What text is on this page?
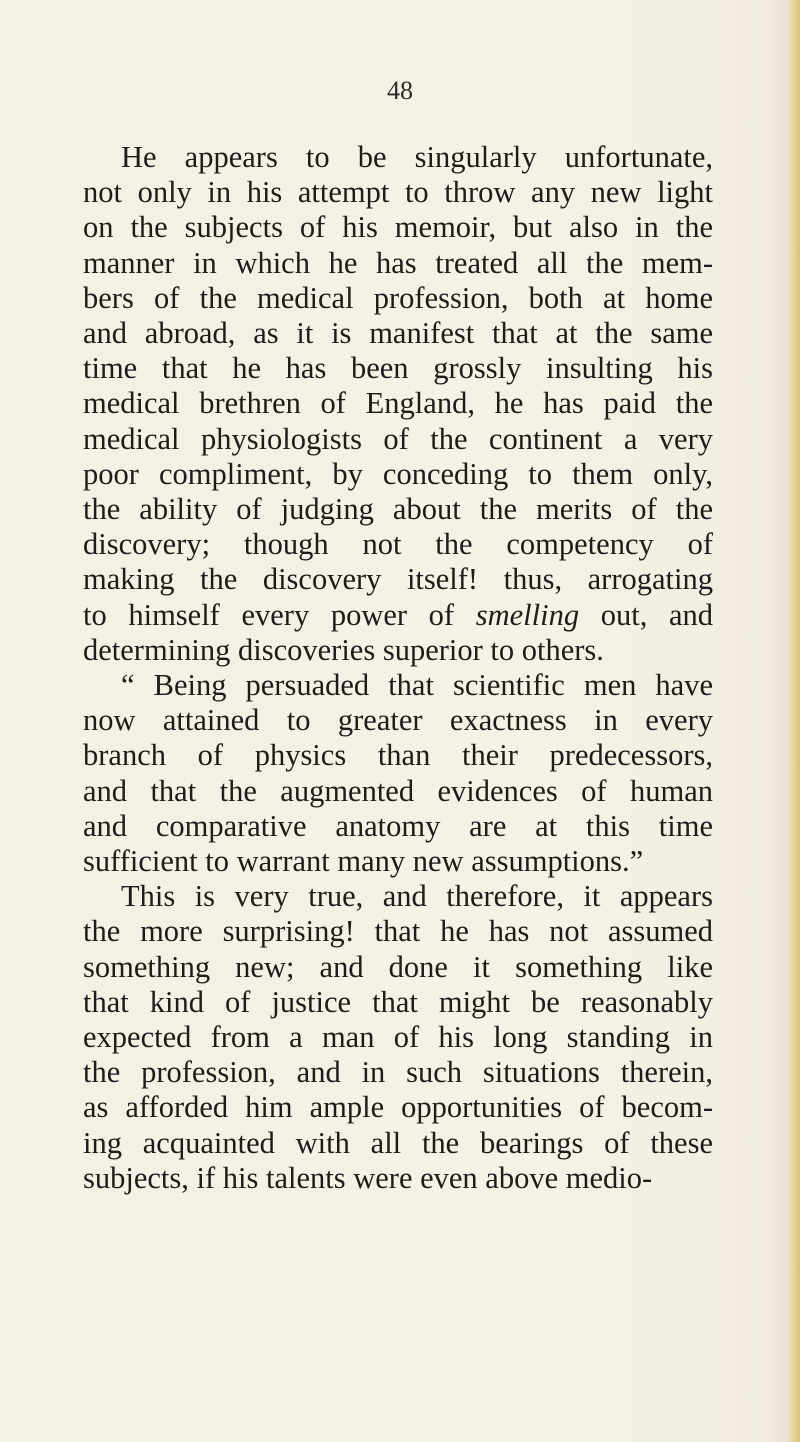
48
He appears to be singularly unfortunate,
not only in his attempt to throw any new light
on the subjects of his memoir, but also in the
manner in which he has treated all the mem-
bers of the medical profession, both at home
and abroad, as it is manifest that at the same
time that he has been grossly insulting his
medical brethren of England, he has paid the
medical physiologists of the continent a very
poor compliment, by conceding to them only,
the ability of judging about the merits of the
discovery; though not the competency of
making the discovery itself! thus, arrogating
to himself every power of smelling out, and
determining discoveries superior to others.
“ Being persuaded that scientific men have
now attained to greater exactness in every
branch of physics than their predecessors,
and that the augmented evidences of human
and comparative anatomy are at this time
sufficient to warrant many new assumptions.”
This is very true, and therefore, it appears
the more surprising! that he has not assumed
something new; and done it something like
that kind of justice that might be reasonably
expected from a man of his long standing in
the profession, and in such situations therein,
as afforded him ample opportunities of becom-
ing acquainted with all the bearings of these
subjects, if his talents were even above medio-
